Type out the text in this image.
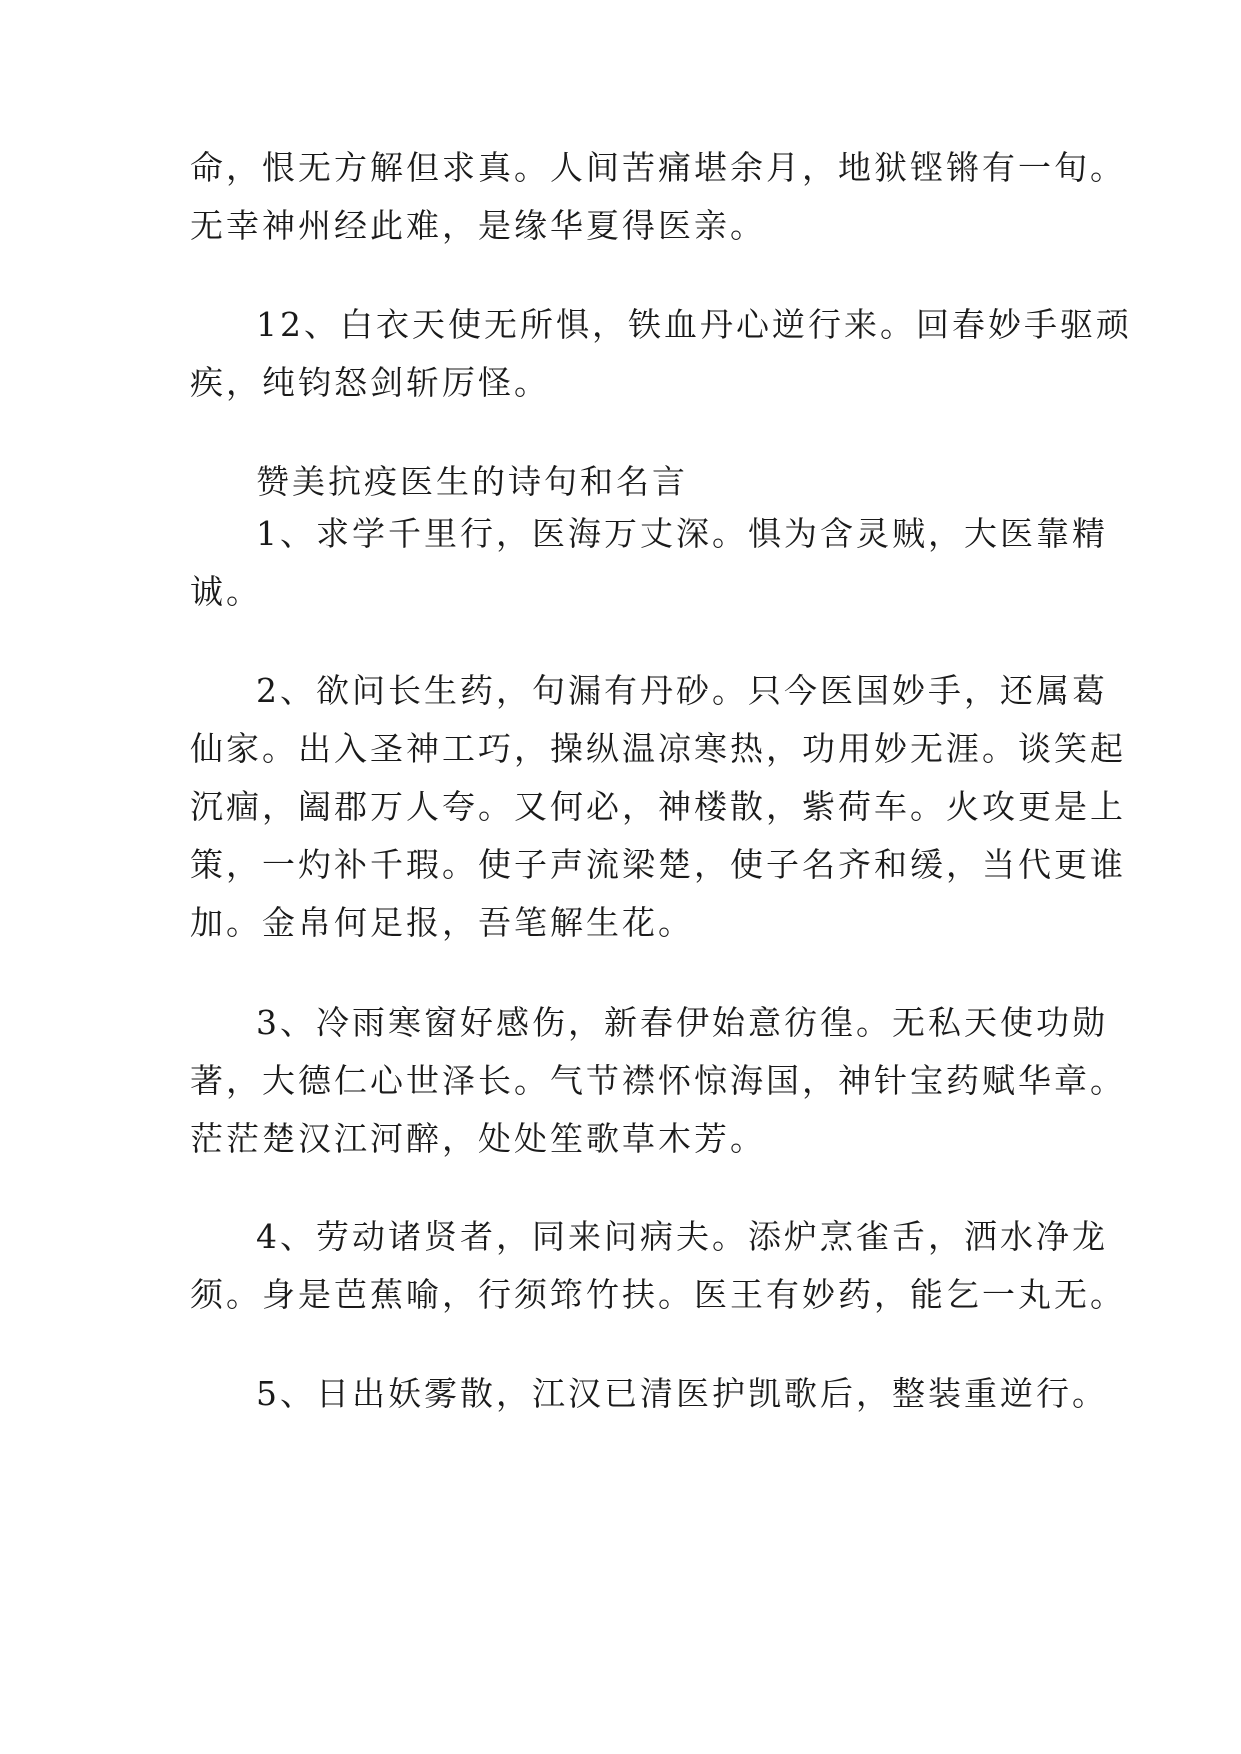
命，恨无方解但求真。人间苦痛堪余月，地狱铿锵有一旬。
无幸神州经此难，是缘华夏得医亲。
12、白衣天使无所惧，铁血丹心逆行来。回春妙手驱顽
疾，纯钧怒剑斩厉怪。
赞美抗疫医生的诗句和名言
1、求学千里行，医海万丈深。惧为含灵贼，大医靠精
诚。
2、欲问长生药，句漏有丹砂。只今医国妙手，还属葛
仙家。出入圣神工巧，操纵温凉寒热，功用妙无涯。谈笑起
沉痼，阖郡万人夸。又何必，神楼散，紫荷车。火攻更是上
策，一灼补千瑕。使子声流梁楚，使子名齐和缓，当代更谁
加。金帛何足报，吾笔解生花。
3、冷雨寒窗好感伤，新春伊始意彷徨。无私天使功勋
著，大德仁心世泽长。气节襟怀惊海国，神针宝药赋华章。
茫茫楚汉江河醉，处处笙歌草木芳。
4、劳动诸贤者，同来问病夫。添炉烹雀舌，洒水净龙
须。身是芭蕉喻，行须筇竹扶。医王有妙药，能乞一丸无。
5、日出妖雾散，江汉已清医护凯歌后，整装重逆行。
